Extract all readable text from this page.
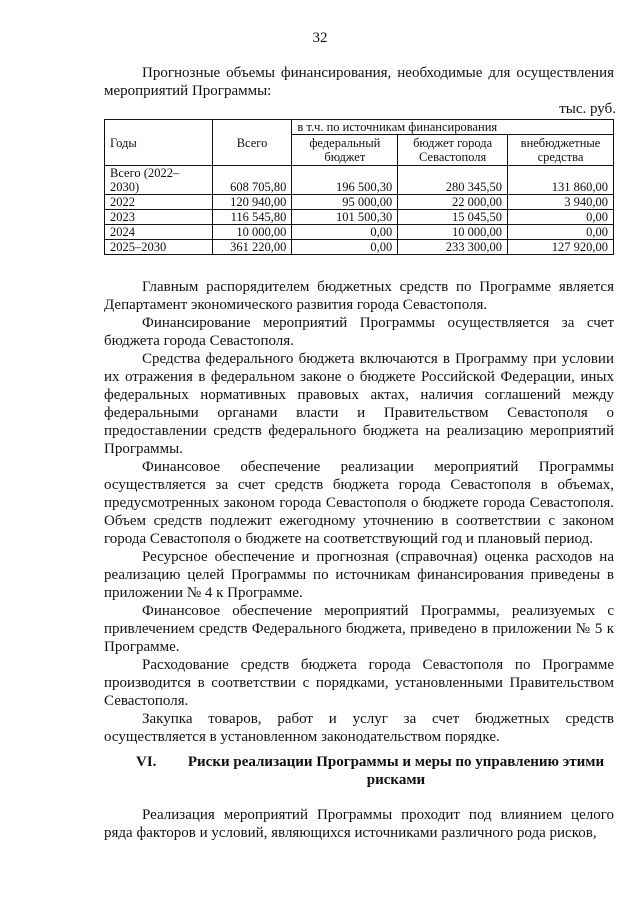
32

Прогнозные объемы финансирования, необходимые для осуществления

мероприятий Программы:

тыс. руб.
Годы	Всего	в т.ч. по источникам финансирования		
		федеральный бюджет	бюджет города Севастополя	внебюджетные средства
Всего (2022–2030)	608 705,80	196 500,30	280 345,50	131 860,00
2022	120 940,00	95 000,00	22 000,00	3 940,00
2023	116 545,80	101 500,30	15 045,50	0,00
2024	10 000,00	0,00	10 000,00	0,00
2025–2030	361 220,00	0,00	233 300,00	127 920,00

Главным распорядителем бюджетных средств по Программе является Департамент экономического развития города Севастополя.

Финансирование мероприятий Программы осуществляется за счет бюджета города Севастополя.

Средства федерального бюджета включаются в Программу при условии их отражения в федеральном законе о бюджете Российской Федерации, иных федеральных нормативных правовых актах, наличия соглашений между федеральными органами власти и Правительством Севастополя о предоставлении средств федерального бюджета на реализацию мероприятий Программы.

Финансовое обеспечение реализации мероприятий Программы осуществляется за счет средств бюджета города Севастополя в объемах, предусмотренных законом города Севастополя о бюджете города Севастополя. Объем средств подлежит ежегодному уточнению в соответствии с законом города Севастополя о бюджете на соответствующий год и плановый период.

Ресурсное обеспечение и прогнозная (справочная) оценка расходов на реализацию целей Программы по источникам финансирования приведены в приложении № 4 к Программе.

Финансовое обеспечение мероприятий Программы, реализуемых с привлечением средств Федерального бюджета, приведено в приложении № 5 к Программе.

Расходование средств бюджета города Севастополя по Программе производится в соответствии с порядками, установленными Правительством Севастополя.

Закупка товаров, работ и услуг за счет бюджетных средств осуществляется в установленном законодательством порядке.

VI.	Риски реализации Программы и меры по управлению этими рисками

Реализация мероприятий Программы проходит под влиянием целого ряда факторов и условий, являющихся источниками различного рода рисков,
